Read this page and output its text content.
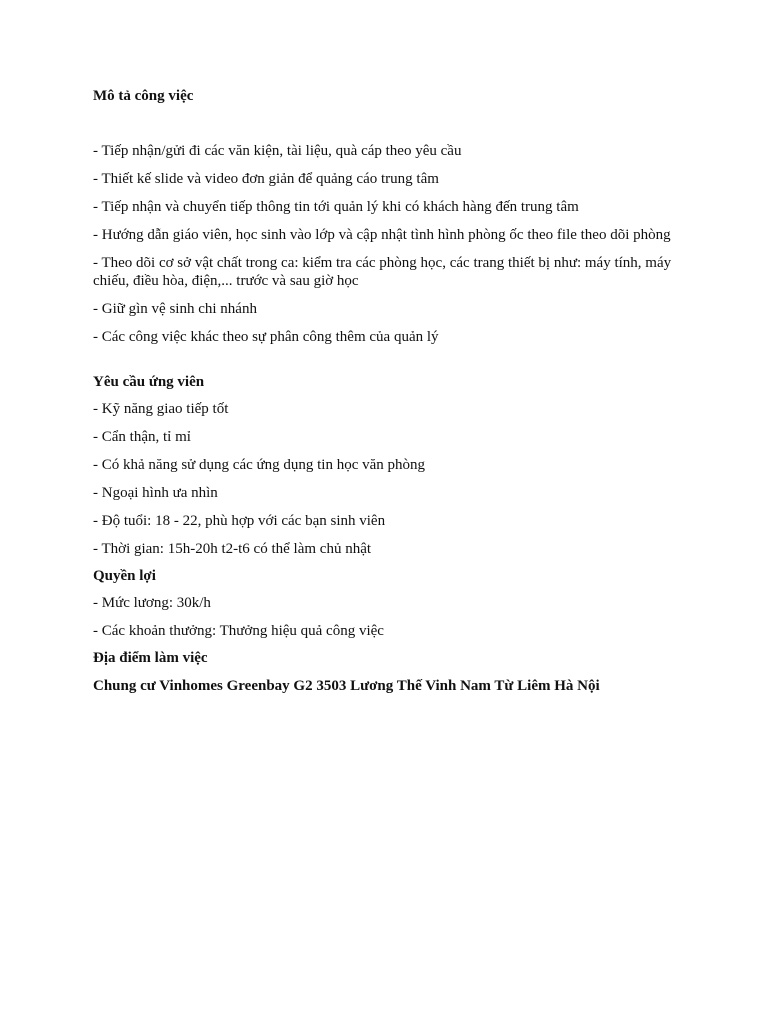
Mô tả công việc

- Tiếp nhận/gửi đi các văn kiện, tài liệu, quà cáp theo yêu cầu

- Thiết kế slide và video đơn giản để quảng cáo trung tâm

- Tiếp nhận và chuyển tiếp thông tin tới quản lý khi có khách hàng đến trung tâm

- Hướng dẫn giáo viên, học sinh vào lớp và cập nhật tình hình phòng ốc theo file theo dõi phòng

- Theo dõi cơ sở vật chất trong ca: kiểm tra các phòng học, các trang thiết bị như: máy tính, máy chiếu, điều hòa, điện,... trước và sau giờ học

- Giữ gìn vệ sinh chi nhánh

- Các công việc khác theo sự phân công thêm của quản lý

Yêu cầu ứng viên

- Kỹ năng giao tiếp tốt

- Cẩn thận, tỉ mỉ

- Có khả năng sử dụng các ứng dụng tin học văn phòng

- Ngoại hình ưa nhìn

- Độ tuổi: 18 - 22, phù hợp với các bạn sinh viên

- Thời gian: 15h-20h t2-t6 có thể làm chủ nhật

Quyền lợi

- Mức lương: 30k/h

- Các khoản thưởng: Thưởng hiệu quả công việc

Địa điểm làm việc

Chung cư Vinhomes Greenbay G2 3503 Lương Thế Vinh Nam Từ Liêm Hà Nội
